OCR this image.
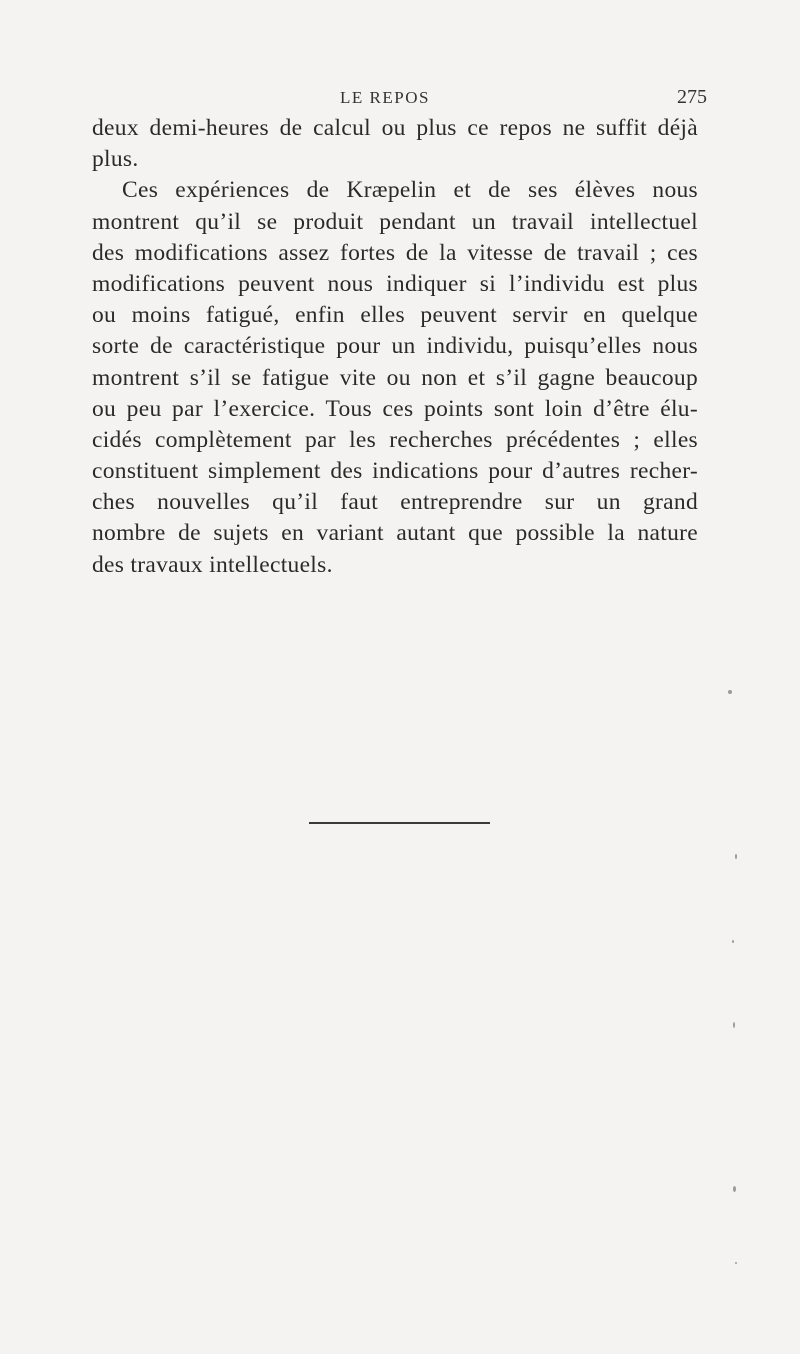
LE REPOS	275
deux demi-heures de calcul ou plus ce repos ne suffit déjà
plus.
Ces expériences de Kræpelin et de ses élèves nous
montrent qu’il se produit pendant un travail intellectuel
des modifications assez fortes de la vitesse de travail ; ces
modifications peuvent nous indiquer si l’individu est plus
ou moins fatigué, enfin elles peuvent servir en quelque
sorte de caractéristique pour un individu, puisqu’elles nous
montrent s’il se fatigue vite ou non et s’il gagne beaucoup
ou peu par l’exercice. Tous ces points sont loin d’être élu-
cidés complètement par les recherches précédentes ; elles
constituent simplement des indications pour d’autres recher-
ches nouvelles qu’il faut entreprendre sur un grand
nombre de sujets en variant autant que possible la nature
des travaux intellectuels.
